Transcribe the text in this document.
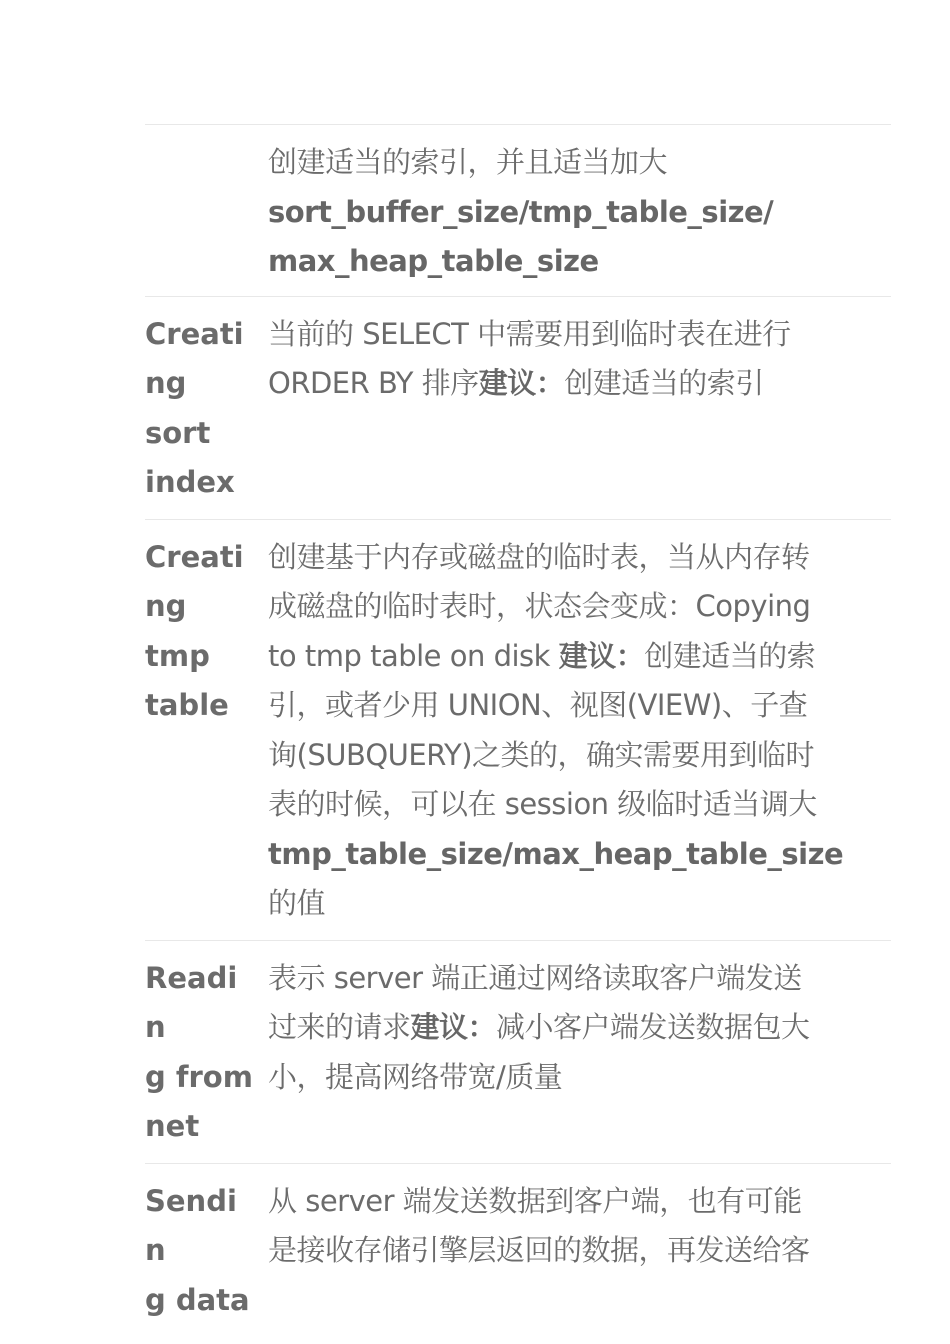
创建适当的索引，并且适当加大
sort_buffer_size/tmp_table_size/
max_heap_table_size
Creati
ng
sort
index
当前的 SELECT 中需要用到临时表在进行
ORDER BY 排序建议：创建适当的索引
Creati
ng
tmp
table
创建基于内存或磁盘的临时表，当从内存转
成磁盘的临时表时，状态会变成：Copying
to tmp table on disk 建议：创建适当的索
引，或者少用 UNION、视图(VIEW)、子查
询(SUBQUERY)之类的，确实需要用到临时
表的时候，可以在 session 级临时适当调大
tmp_table_size/max_heap_table_size
的值
Readin
g from
net
表示 server 端正通过网络读取客户端发送
过来的请求建议：减小客户端发送数据包大
小，提高网络带宽/质量
Sendin
g data
从 server 端发送数据到客户端，也有可能
是接收存储引擎层返回的数据，再发送给客
